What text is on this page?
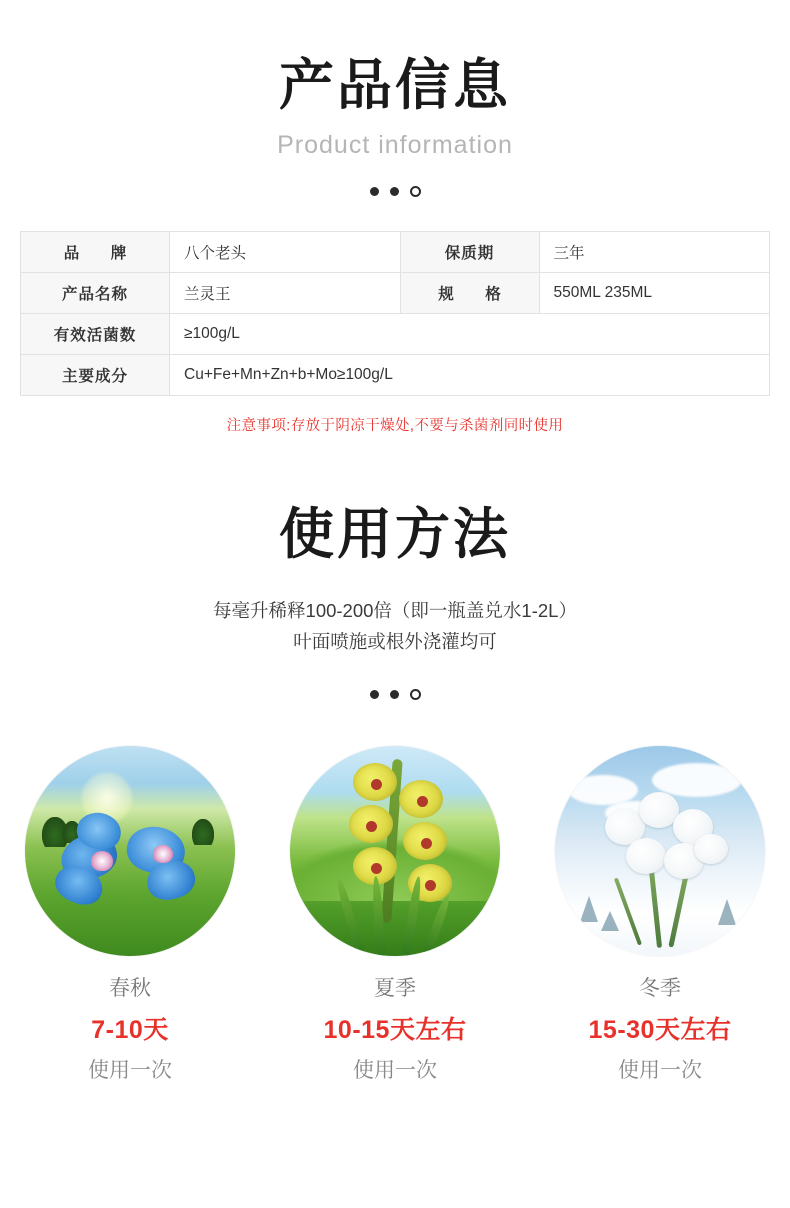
产品信息
Product information
品　牌	八个老头	保质期	三年
产品名称	兰灵王	规　格	550ML 235ML
有效活菌数	≥100g/L		
主要成分	Cu+Fe+Mn+Zn+b+Mo≥100g/L		
注意事项:存放于阴凉干燥处,不要与杀菌剂同时使用
使用方法
每毫升稀释100-200倍（即一瓶盖兑水1-2L）
叶面喷施或根外浇灌均可
春秋
7-10天
使用一次
夏季
10-15天左右
使用一次
冬季
15-30天左右
使用一次
